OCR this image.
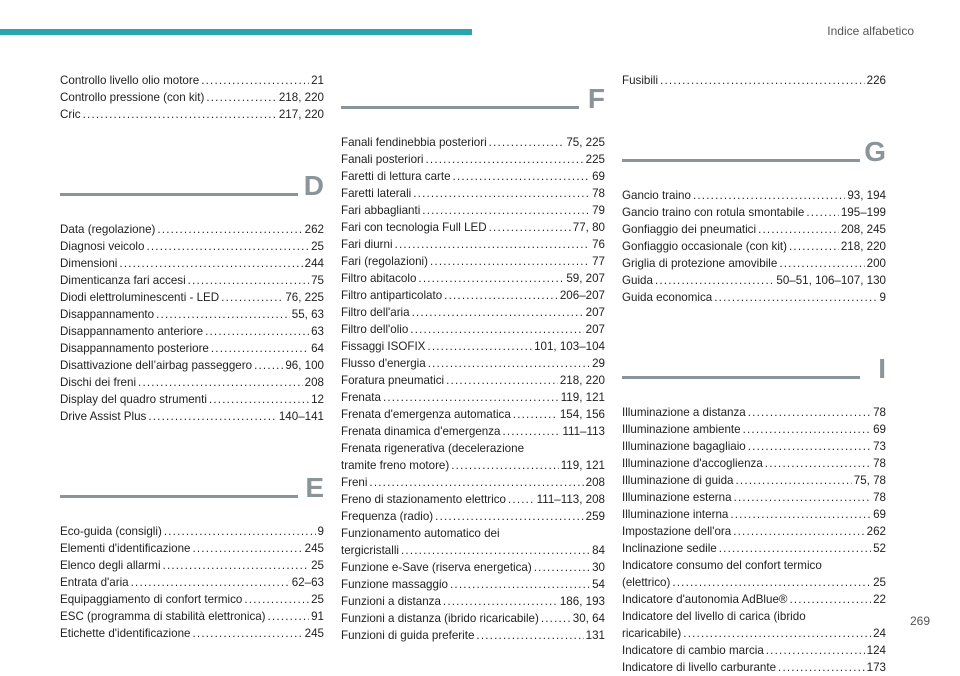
Indice alfabetico
Controllo livello olio motore .....	21
Controllo pressione (con kit) .....	218, 220
Cric .....	217, 220
D
Data (regolazione) .....	262
Diagnosi veicolo .....	25
Dimensioni .....	244
Dimenticanza fari accesi .....	75
Diodi elettroluminescenti - LED .....	76, 225
Disappannamento .....	55, 63
Disappannamento anteriore .....	63
Disappannamento posteriore .....	64
Disattivazione dell’airbag passeggero .....	96, 100
Dischi dei freni .....	208
Display del quadro strumenti .....	12
Drive Assist Plus .....	140–141
E
Eco-guida (consigli) .....	9
Elementi d'identificazione .....	245
Elenco degli allarmi .....	25
Entrata d'aria .....	62–63
Equipaggiamento di confort termico .....	25
ESC (programma di stabilità elettronica) .....	91
Etichette d'identificazione .....	245
F
Fanali fendinebbia posteriori .....	75, 225
Fanali posteriori .....	225
Faretti di lettura carte .....	69
Faretti laterali .....	78
Fari abbaglianti .....	79
Fari con tecnologia Full LED .....	77, 80
Fari diurni .....	76
Fari (regolazioni) .....	77
Filtro abitacolo .....	59, 207
Filtro antiparticolato .....	206–207
Filtro dell'aria .....	207
Filtro dell'olio .....	207
Fissaggi ISOFIX .....	101, 103–104
Flusso d'energia .....	29
Foratura pneumatici .....	218, 220
Frenata .....	119, 121
Frenata d'emergenza automatica .....	154, 156
Frenata dinamica d'emergenza .....	111–113
Frenata rigenerativa (decelerazione
tramite freno motore) .....	119, 121
Freni .....	208
Freno di stazionamento elettrico .....	111–113, 208
Frequenza (radio) .....	259
Funzionamento automatico dei
tergicristalli .....	84
Funzione e-Save (riserva energetica) .....	30
Funzione massaggio .....	54
Funzioni a distanza .....	186, 193
Funzioni a distanza (ibrido ricaricabile) .....	30, 64
Funzioni di guida preferite .....	131
Fusibili .....	226
G
Gancio traino .....	93, 194
Gancio traino con rotula smontabile .....	195–199
Gonfiaggio dei pneumatici .....	208, 245
Gonfiaggio occasionale (con kit) .....	218, 220
Griglia di protezione amovibile .....	200
Guida .....	50–51, 106–107, 130
Guida economica .....	9
I
Illuminazione a distanza .....	78
Illuminazione ambiente .....	69
Illuminazione bagagliaio .....	73
Illuminazione d'accoglienza .....	78
Illuminazione di guida .....	75, 78
Illuminazione esterna .....	78
Illuminazione interna .....	69
Impostazione dell'ora .....	262
Inclinazione sedile .....	52
Indicatore consumo del confort termico
(elettrico) .....	25
Indicatore d'autonomia AdBlue® .....	22
Indicatore del livello di carica (ibrido
ricaricabile) .....	24
Indicatore di cambio marcia .....	124
Indicatore di livello carburante .....	173
269
